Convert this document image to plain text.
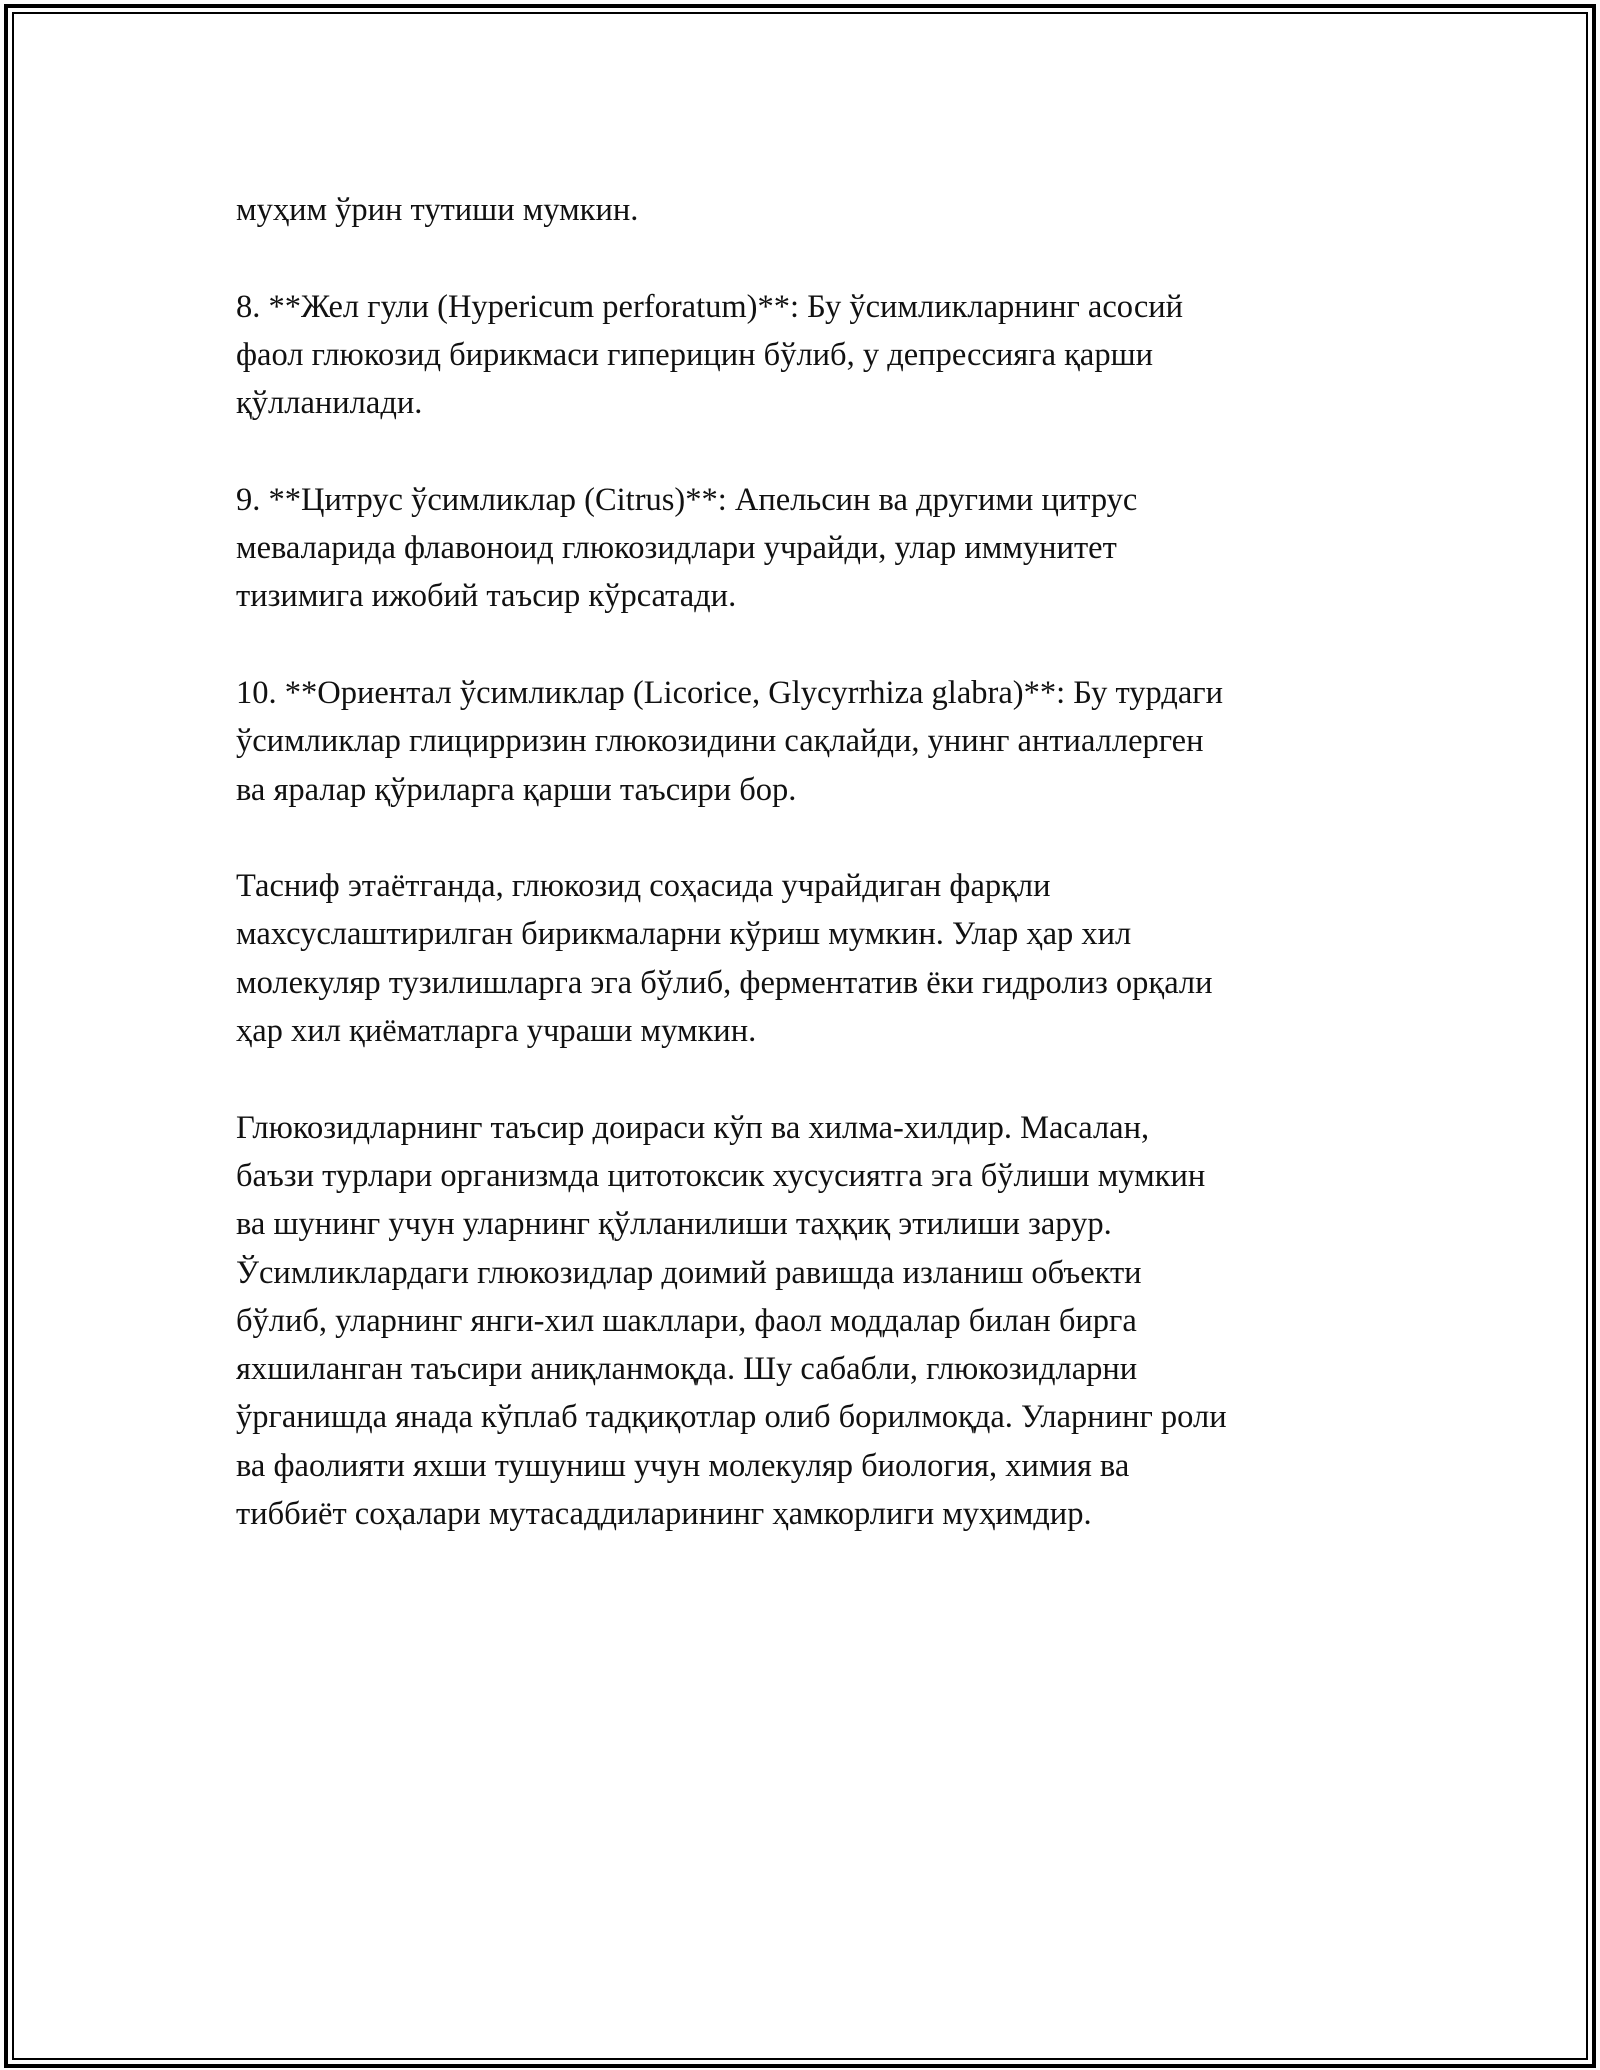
муҳим ўрин тутиши мумкин.

8. **Жел гули (Hypericum perforatum)**: Бу ўсимликларнинг асосий
фаол глюкозид бирикмаси гиперицин бўлиб, у депрессияга қарши
қўлланилади.

9. **Цитрус ўсимликлар (Citrus)**: Апельсин ва другими цитрус
меваларида флавоноид глюкозидлари учрайди, улар иммунитет
тизимига ижобий таъсир кўрсатади.

10. **Ориентал ўсимликлар (Licorice, Glycyrrhiza glabra)**: Бу турдаги
ўсимликлар глицирризин глюкозидини сақлайди, унинг антиаллерген
ва яралар қўриларга қарши таъсири бор.

Тасниф этаётганда, глюкозид соҳасида учрайдиган фарқли
махсуслаштирилган бирикмаларни кўриш мумкин. Улар ҳар хил
молекуляр тузилишларга эга бўлиб, ферментатив ёки гидролиз орқали
ҳар хил қиёматларга учраши мумкин.

Глюкозидларнинг таъсир доираси кўп ва хилма-хилдир. Масалан,
баъзи турлари организмда цитотоксик хусусиятга эга бўлиши мумкин
ва шунинг учун уларнинг қўлланилиши таҳқиқ этилиши зарур.
Ўсимликлардаги глюкозидлар доимий равишда изланиш объекти
бўлиб, уларнинг янги-хил шакллари, фаол моддалар билан бирга
яхшиланган таъсири аниқланмоқда. Шу сабабли, глюкозидларни
ўрганишда янада кўплаб тадқиқотлар олиб борилмоқда. Уларнинг роли
ва фаолияти яхши тушуниш учун молекуляр биология, химия ва
тиббиёт соҳалари мутасаддиларининг ҳамкорлиги муҳимдир.
